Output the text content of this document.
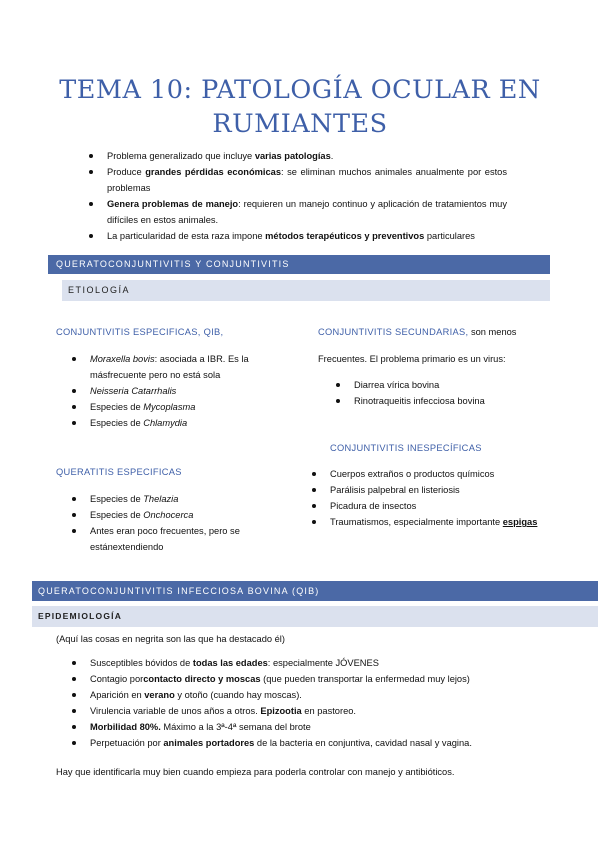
TEMA 10: PATOLOGÍA OCULAR EN
RUMIANTES
Problema generalizado que incluye varias patologías.
Produce grandes pérdidas económicas: se eliminan muchos animales anualmente por estos problemas
Genera problemas de manejo: requieren un manejo continuo y aplicación de tratamientos muy difíciles en estos animales.
La particularidad de esta raza impone métodos terapéuticos y preventivos particulares
QUERATOCONJUNTIVITIS Y CONJUNTIVITIS
ETIOLOGÍA
CONJUNTIVITIS ESPECIFICAS, QIB,
Moraxella bovis: asociada a IBR. Es la másfrecuente pero no está sola
Neisseria Catarrhalis
Especies de Mycoplasma
Especies de Chlamydia
QUERATITIS ESPECIFICAS
Especies de Thelazia
Especies de Onchocerca
Antes eran poco frecuentes, pero se estánextendiendo
CONJUNTIVITIS SECUNDARIAS, son menos
Frecuentes. El problema primario es un virus:
Diarrea vírica bovina
Rinotraqueitis infecciosa bovina
CONJUNTIVITIS INESPECÍFICAS
Cuerpos extraños o productos químicos
Parálisis palpebral en listeriosis
Picadura de insectos
Traumatismos, especialmente importante espigas
QUERATOCONJUNTIVITIS INFECCIOSA BOVINA (QIB)
EPIDEMIOLOGÍA
(Aquí las cosas en negrita son las que ha destacado él)
Susceptibles bóvidos de todas las edades: especialmente JÓVENES
Contagio porcontacto directo y moscas (que pueden transportar la enfermedad muy lejos)
Aparición en verano y otoño (cuando hay moscas).
Virulencia variable de unos años a otros. Epizootia en pastoreo.
Morbilidad 80%. Máximo a la 3ª-4ª semana del brote
Perpetuación por animales portadores de la bacteria en conjuntiva, cavidad nasal y vagina.
Hay que identificarla muy bien cuando empieza para poderla controlar con manejo y antibióticos.
